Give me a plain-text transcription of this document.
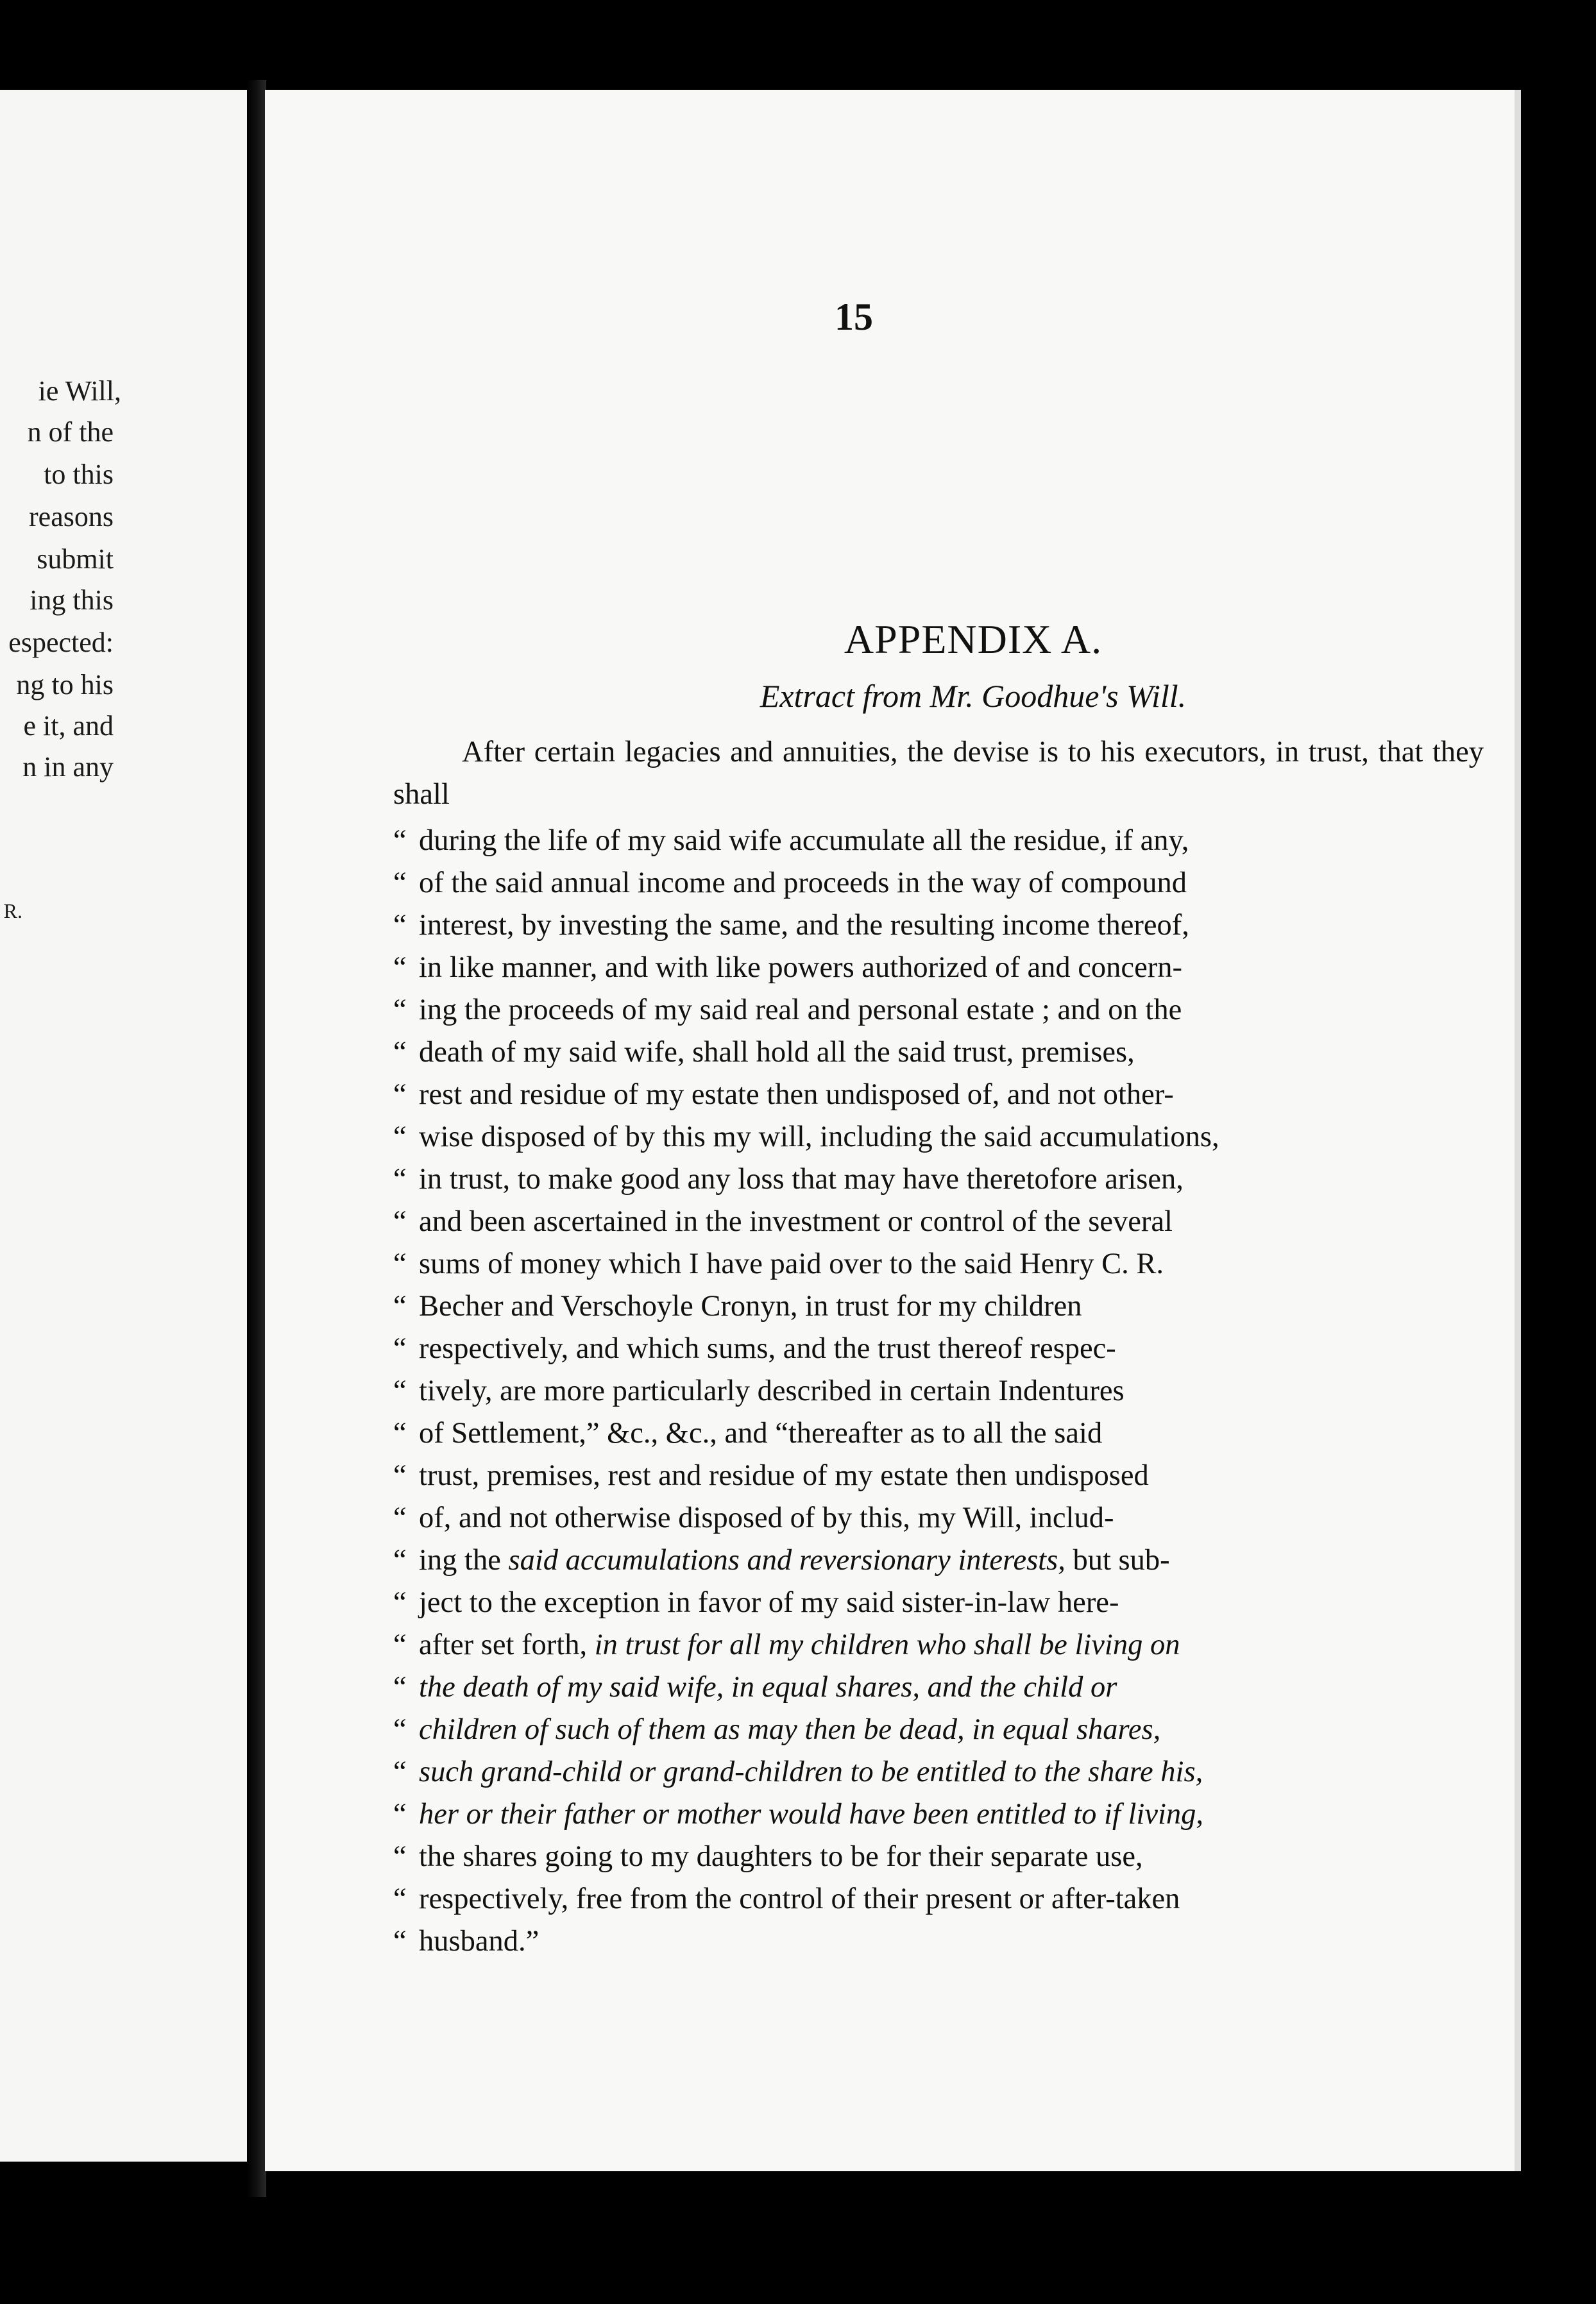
ie Will,
n of the
to this
reasons
submit
ing this
espected:
ng to his
e it, and
n in any
R.
15
APPENDIX A.
Extract from Mr. Goodhue's Will.

After certain legacies and annuities, the devise is to his executors, in trust, that they shall

“ during the life of my said wife accumulate all the residue, if any,
“ of the said annual income and proceeds in the way of compound
“ interest, by investing the same, and the resulting income thereof,
“ in like manner, and with like powers authorized of and concern-
“ ing the proceeds of my said real and personal estate ; and on the
“ death of my said wife, shall hold all the said trust, premises,
“ rest and residue of my estate then undisposed of, and not other-
“ wise disposed of by this my will, including the said accumulations,
“ in trust, to make good any loss that may have theretofore arisen,
“ and been ascertained in the investment or control of the several
“ sums of money which I have paid over to the said Henry C. R.
“ Becher and Verschoyle Cronyn, in trust for my children
“ respectively, and which sums, and the trust thereof respec-
“ tively, are more particularly described in certain Indentures
“ of Settlement,” &c., &c., and “thereafter as to all the said
“ trust, premises, rest and residue of my estate then undisposed
“ of, and not otherwise disposed of by this, my Will, includ-
“ ing the said accumulations and reversionary interests, but sub-
“ ject to the exception in favor of my said sister-in-law here-
“ after set forth, in trust for all my children who shall be living on
“ the death of my said wife, in equal shares, and the child or
“ children of such of them as may then be dead, in equal shares,
“ such grand-child or grand-children to be entitled to the share his,
“ her or their father or mother would have been entitled to if living,
“ the shares going to my daughters to be for their separate use,
“ respectively, free from the control of their present or after-taken
“ husband.”
